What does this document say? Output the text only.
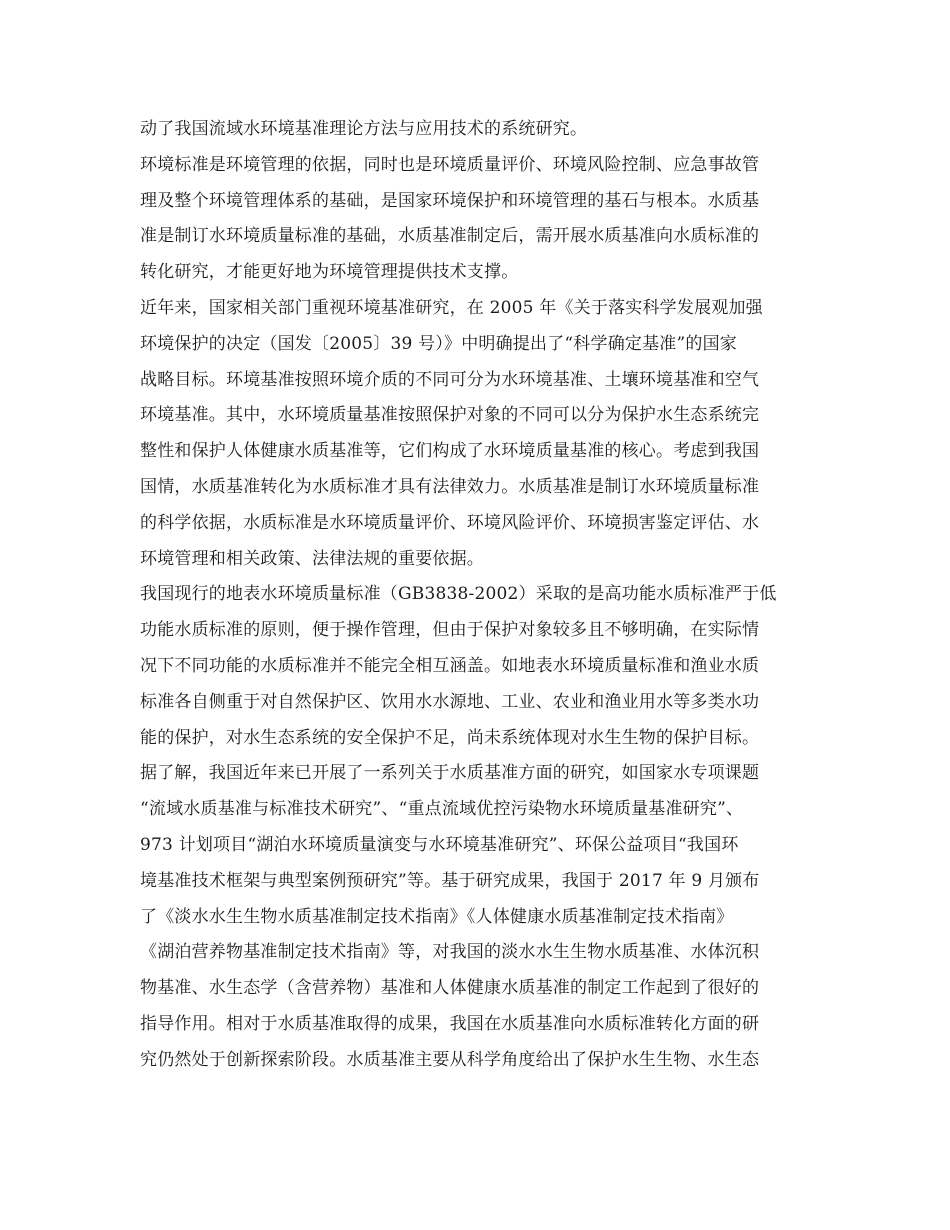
动了我国流域水环境基准理论方法与应用技术的系统研究。
环境标准是环境管理的依据，同时也是环境质量评价、环境风险控制、应急事故管
理及整个环境管理体系的基础，是国家环境保护和环境管理的基石与根本。水质基
准是制订水环境质量标准的基础，水质基准制定后，需开展水质基准向水质标准的
转化研究，才能更好地为环境管理提供技术支撑。
近年来，国家相关部门重视环境基准研究，在 2005 年《关于落实科学发展观加强
环境保护的决定（国发〔2005〕39 号）》中明确提出了“科学确定基准”的国家
战略目标。环境基准按照环境介质的不同可分为水环境基准、土壤环境基准和空气
环境基准。其中，水环境质量基准按照保护对象的不同可以分为保护水生态系统完
整性和保护人体健康水质基准等，它们构成了水环境质量基准的核心。考虑到我国
国情，水质基准转化为水质标准才具有法律效力。水质基准是制订水环境质量标准
的科学依据，水质标准是水环境质量评价、环境风险评价、环境损害鉴定评估、水
环境管理和相关政策、法律法规的重要依据。
我国现行的地表水环境质量标准（GB3838-2002）采取的是高功能水质标准严于低
功能水质标准的原则，便于操作管理，但由于保护对象较多且不够明确，在实际情
况下不同功能的水质标准并不能完全相互涵盖。如地表水环境质量标准和渔业水质
标准各自侧重于对自然保护区、饮用水水源地、工业、农业和渔业用水等多类水功
能的保护，对水生态系统的安全保护不足，尚未系统体现对水生生物的保护目标。
据了解，我国近年来已开展了一系列关于水质基准方面的研究，如国家水专项课题
“流域水质基准与标准技术研究”、“重点流域优控污染物水环境质量基准研究”、
973 计划项目“湖泊水环境质量演变与水环境基准研究”、环保公益项目“我国环
境基准技术框架与典型案例预研究”等。基于研究成果，我国于 2017 年 9 月颁布
了《淡水水生生物水质基准制定技术指南》《人体健康水质基准制定技术指南》
《湖泊营养物基准制定技术指南》等，对我国的淡水水生生物水质基准、水体沉积
物基准、水生态学（含营养物）基准和人体健康水质基准的制定工作起到了很好的
指导作用。相对于水质基准取得的成果，我国在水质基准向水质标准转化方面的研
究仍然处于创新探索阶段。水质基准主要从科学角度给出了保护水生生物、水生态
